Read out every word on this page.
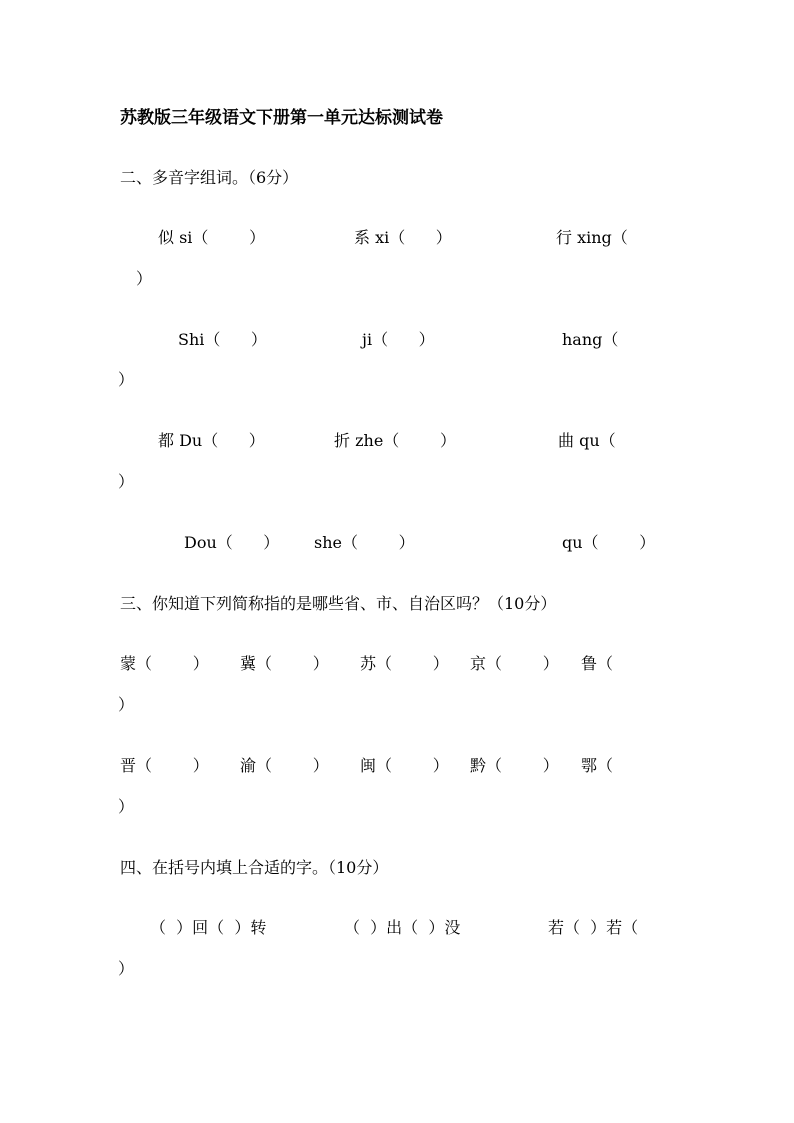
苏教版三年级语文下册第一单元达标测试卷
二、多音字组词。（6分）
似 si（        ）	系 xi（      ）	行 xing（
）
Shi（      ）	ji（      ）	hang（
）
都 Du（      ）	折 zhe（        ）	曲 qu（
）
Dou（      ） she（        ）	qu（        ）
三、你知道下列简称指的是哪些省、市、自治区吗？（10分）
蒙（        ） 冀（        ） 苏（        ） 京（        ） 鲁（
）
晋（        ） 渝（        ） 闽（        ） 黔（        ） 鄂（
）
四、在括号内填上合适的字。（10分）
（  ）回（  ）转	（  ）出（  ）没	若（  ）若（
）
